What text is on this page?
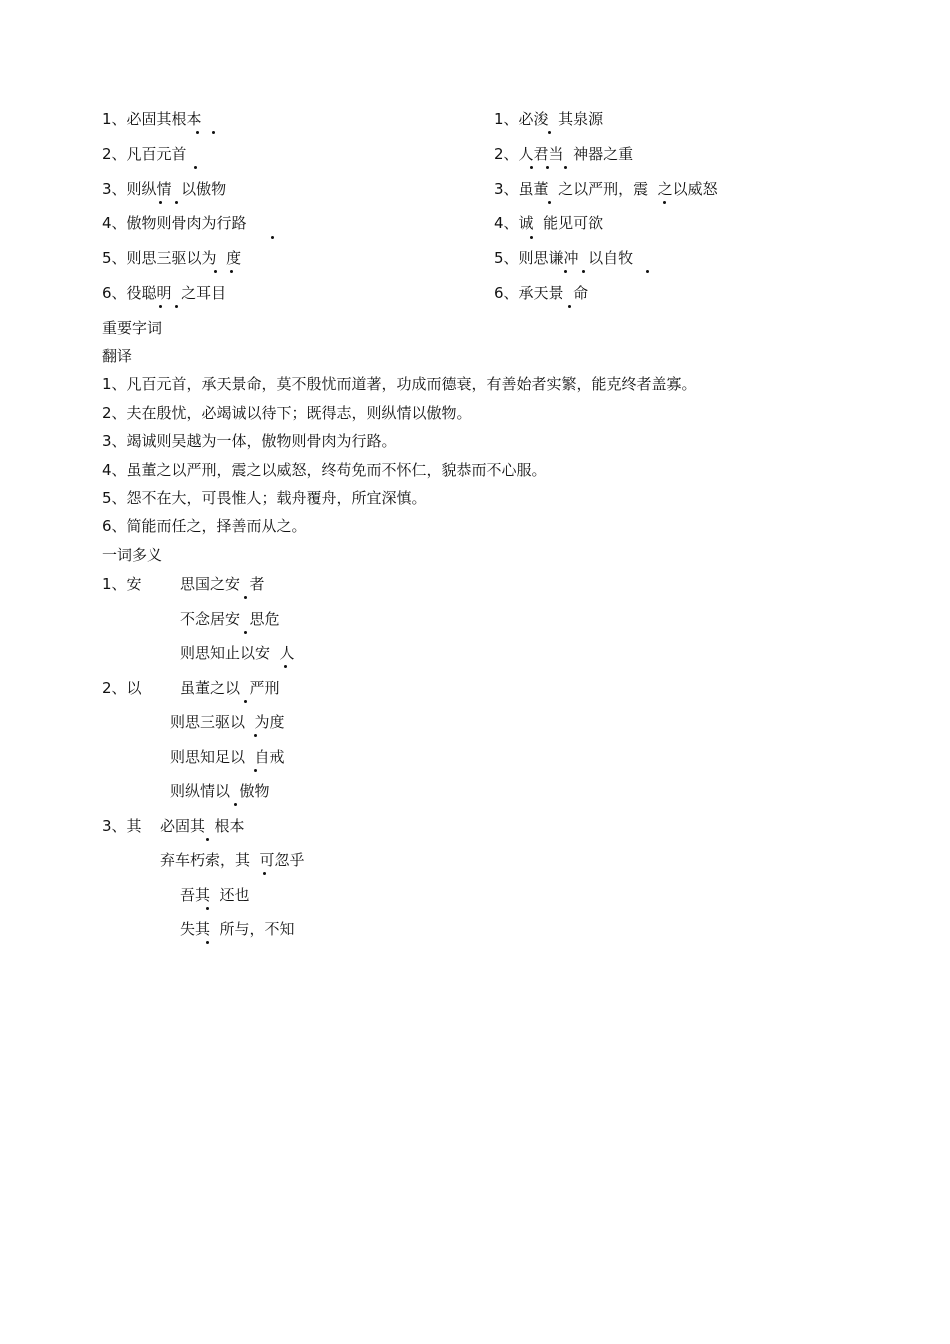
1、必固其根本
2、凡百元首
3、则纵情  以傲物
4、傲物则骨肉为行路
5、则思三驱以为  度
6、役聪明  之耳目
1、必浚  其泉源
2、人君当  神器之重
3、虽董  之以严刑，震  之以威怒
4、诚  能见可欲
5、则思谦冲  以自牧
6、承天景  命
重要字词
翻译
1、凡百元首，承天景命，莫不殷忧而道著，功成而德衰，有善始者实繁，能克终者盖寡。
2、夫在殷忧，必竭诚以待下；既得志，则纵情以傲物。
3、竭诚则吴越为一体，傲物则骨肉为行路。
4、虽董之以严刑，震之以威怒，终苟免而不怀仁，貌恭而不心服。
5、怨不在大，可畏惟人；载舟覆舟，所宜深慎。
6、简能而任之，择善而从之。
一词多义
1、安	思国之安  者
不念居安  思危
则思知止以安  人
2、以	虽董之以  严刑
则思三驱以  为度
则思知足以  自戒
则纵情以  傲物
3、其 必固其  根本
弃车朽索，其  可忽乎
吾其  还也
失其  所与，不知
